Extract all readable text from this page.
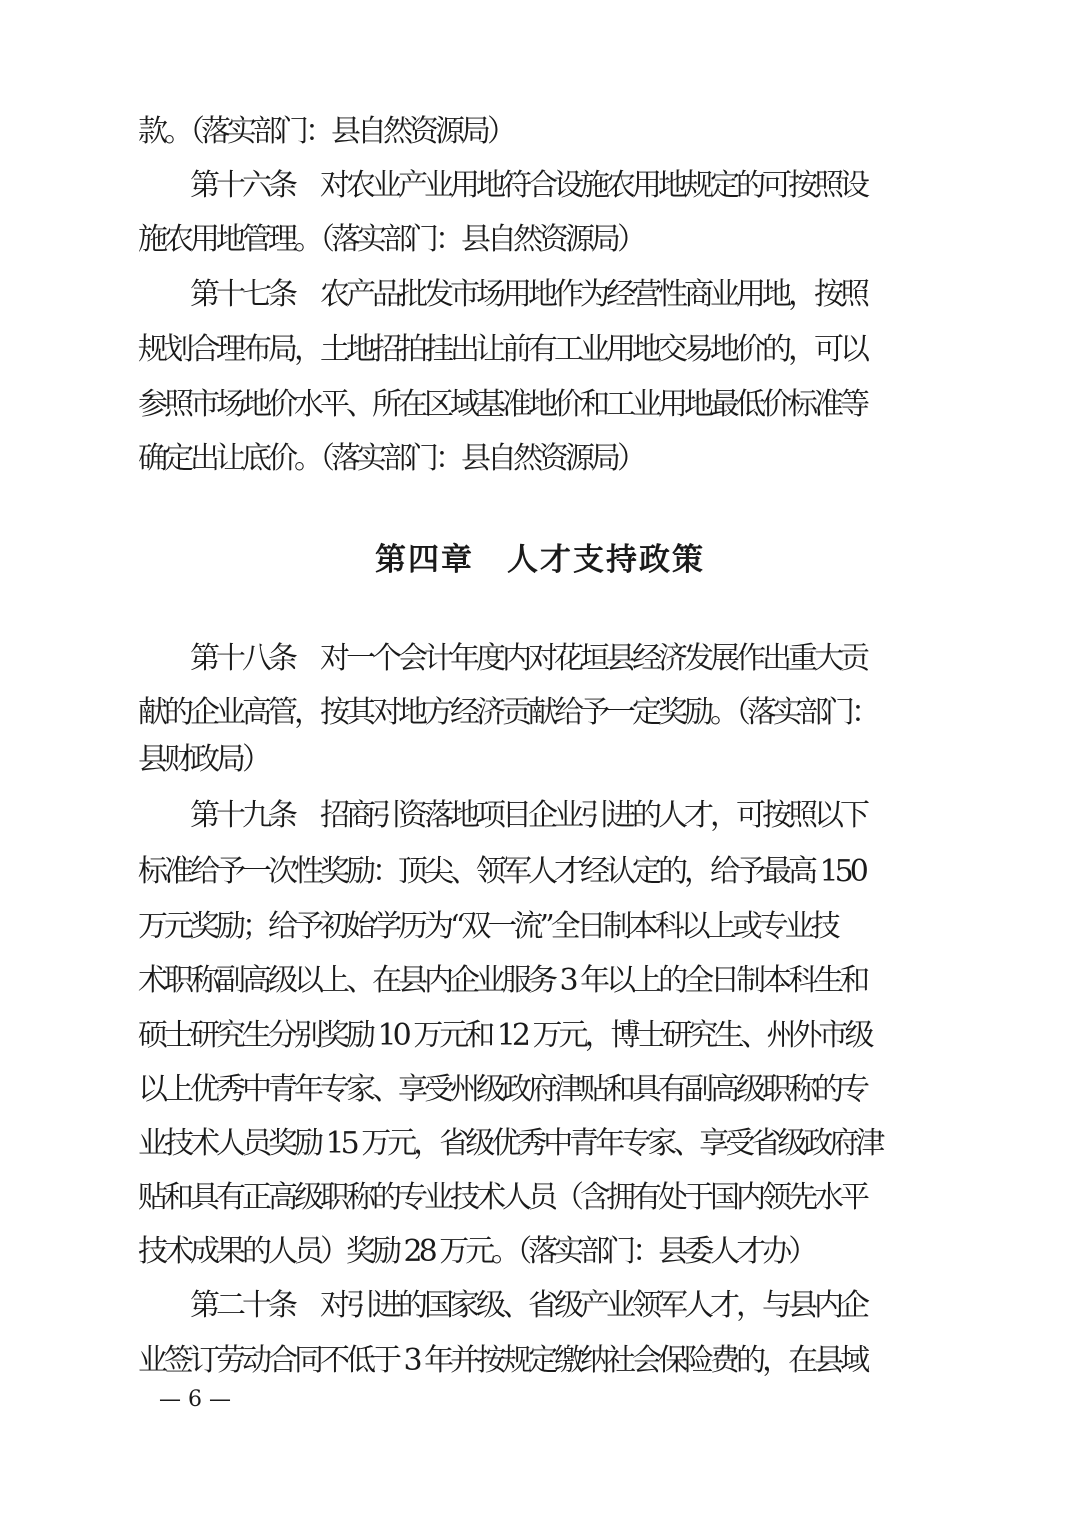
款。（落实部门：县自然资源局）
第十六条　对农业产业用地符合设施农用地规定的可按照设
施农用地管理。（落实部门：县自然资源局）
第十七条　农产品批发市场用地作为经营性商业用地，按照
规划合理布局，土地招拍挂出让前有工业用地交易地价的，可以
参照市场地价水平、所在区域基准地价和工业用地最低价标准等
确定出让底价。（落实部门：县自然资源局）
第四章　人才支持政策
第十八条　对一个会计年度内对花垣县经济发展作出重大贡
献的企业高管，按其对地方经济贡献给予一定奖励。（落实部门：
县财政局）
第十九条　招商引资落地项目企业引进的人才，可按照以下
标准给予一次性奖励：顶尖、领军人才经认定的，给予最高 150
万元奖励；给予初始学历为“双一流”全日制本科以上或专业技
术职称副高级以上、在县内企业服务 3 年以上的全日制本科生和
硕士研究生分别奖励 10 万元和 12 万元，博士研究生、州外市级
以上优秀中青年专家、享受州级政府津贴和具有副高级职称的专
业技术人员奖励 15 万元，省级优秀中青年专家、享受省级政府津
贴和具有正高级职称的专业技术人员（含拥有处于国内领先水平
技术成果的人员）奖励 28 万元。（落实部门：县委人才办）
第二十条　对引进的国家级、省级产业领军人才，与县内企
业签订劳动合同不低于 3 年并按规定缴纳社会保险费的，在县域
— 6 —
